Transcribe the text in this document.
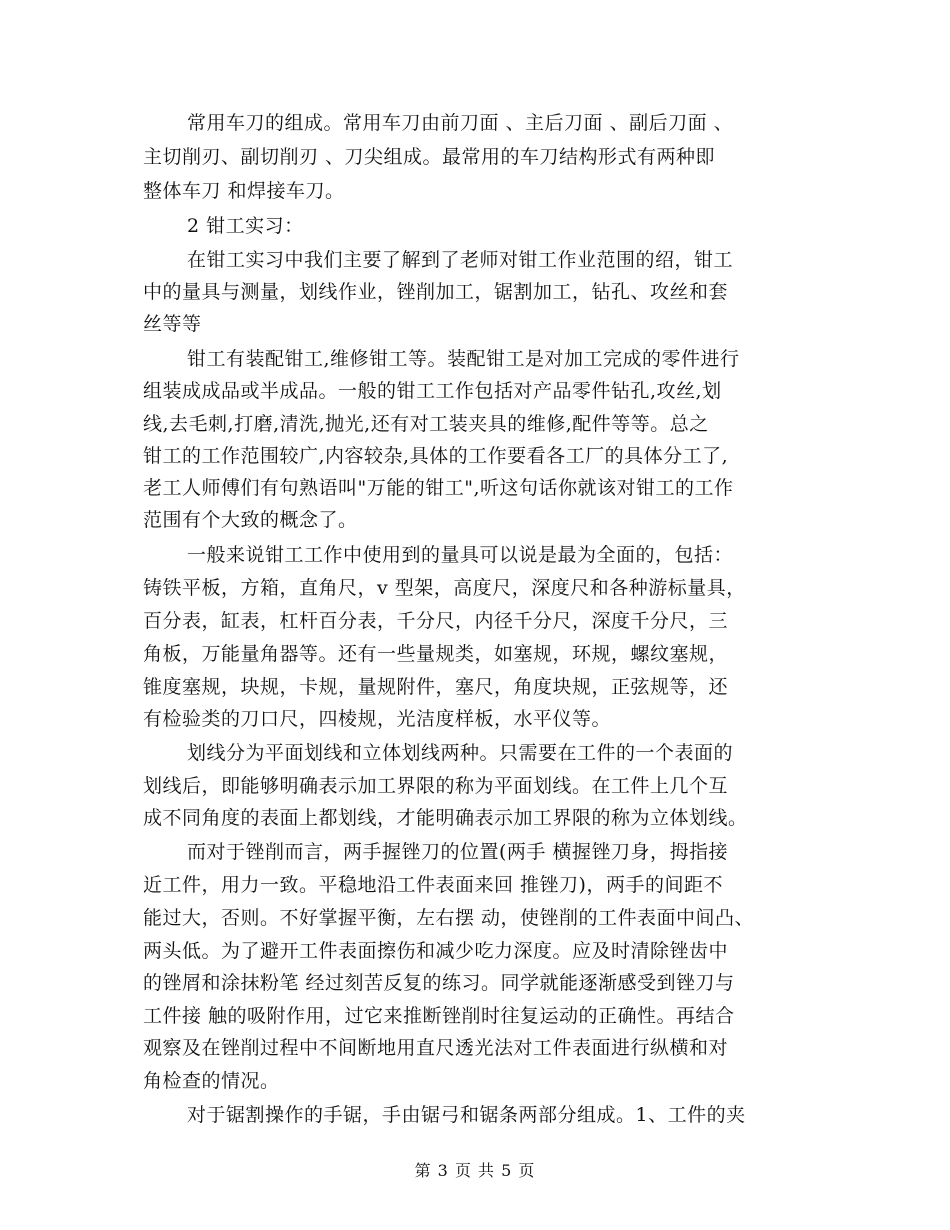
常用车刀的组成。常用车刀由前刀面 、主后刀面 、副后刀面 、
主切削刃、副切削刃 、刀尖组成。最常用的车刀结构形式有两种即
整体车刀 和焊接车刀。
2 钳工实习：
在钳工实习中我们主要了解到了老师对钳工作业范围的绍，钳工
中的量具与测量，划线作业，锉削加工，锯割加工，钻孔、攻丝和套
丝等等
钳工有装配钳工,维修钳工等。装配钳工是对加工完成的零件进行
组装成成品或半成品。一般的钳工工作包括对产品零件钻孔,攻丝,划
线,去毛刺,打磨,清洗,抛光,还有对工装夹具的维修,配件等等。总之
钳工的工作范围较广,内容较杂,具体的工作要看各工厂的具体分工了,
老工人师傅们有句熟语叫"万能的钳工",听这句话你就该对钳工的工作
范围有个大致的概念了。
一般来说钳工工作中使用到的量具可以说是最为全面的，包括：
铸铁平板，方箱，直角尺，v 型架，高度尺，深度尺和各种游标量具，
百分表，缸表，杠杆百分表，千分尺，内径千分尺，深度千分尺，三
角板，万能量角器等。还有一些量规类，如塞规，环规，螺纹塞规，
锥度塞规，块规，卡规，量规附件，塞尺，角度块规，正弦规等，还
有检验类的刀口尺，四棱规，光洁度样板，水平仪等。
划线分为平面划线和立体划线两种。只需要在工件的一个表面的
划线后，即能够明确表示加工界限的称为平面划线。在工件上几个互
成不同角度的表面上都划线，才能明确表示加工界限的称为立体划线。
而对于锉削而言，两手握锉刀的位置(两手 横握锉刀身，拇指接
近工件，用力一致。平稳地沿工件表面来回 推锉刀)，两手的间距不
能过大，否则。不好掌握平衡，左右摆 动，使锉削的工件表面中间凸、
两头低。为了避开工件表面擦伤和减少吃力深度。应及时清除锉齿中
的锉屑和涂抹粉笔 经过刻苦反复的练习。同学就能逐渐感受到锉刀与
工件接 触的吸附作用，过它来推断锉削时往复运动的正确性。再结合
观察及在锉削过程中不间断地用直尺透光法对工件表面进行纵横和对
角检查的情况。
对于锯割操作的手锯，手由锯弓和锯条两部分组成。1、工件的夹
第 3 页 共 5 页
